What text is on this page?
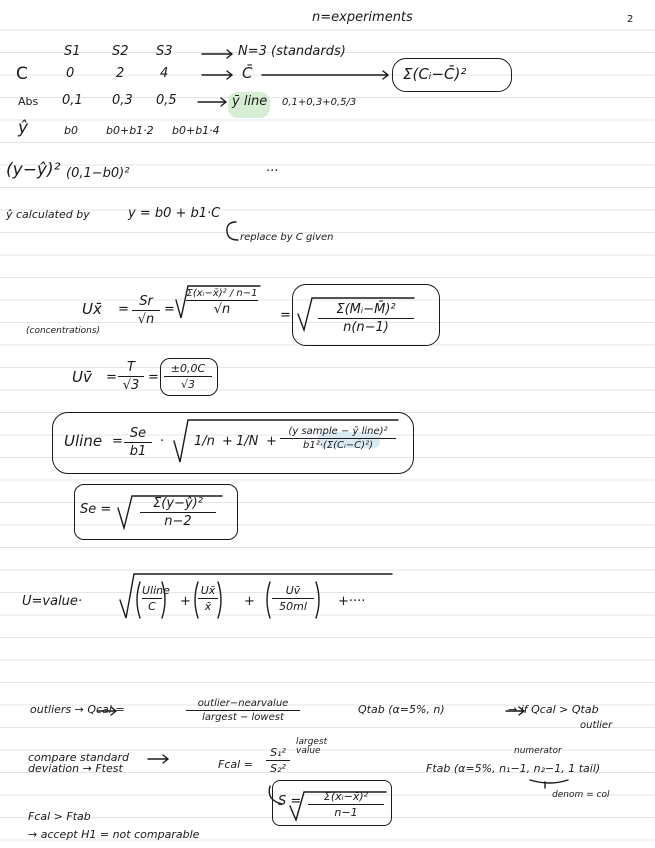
n=experiments	2
S1 S2 S3	N=3 (standards)
C	0	2	4	C̄	Σ(Cᵢ−C̄)²
Abs 0,1 0,3 0,5	ȳ line 0,1+0,3+0,5/3
ŷ	b0	b0+b1·2 b0+b1·4
(y−ŷ)² (0,1−b0)²	···
ŷ calculated by	y = b0 + b1·C
replace by C given
Ux̄
(concentrations)
=
Sr
√n
=
Σ(xᵢ−x̄)² / n−1
√n	=	Σ(Mᵢ−M̄)²
n(n−1)
Uv̄ =
T
√3
=
±0,0C
√3
Uline =
Se
b1
· 1/n + 1/N +
(y sample − ȳ line)²
b1²·(Σ(Cᵢ−C̄)²)
Se =	Σ(y−ŷ)²
n−2
U=value·
Uline
C	+
Ux̄
x̄	+
Uv̄
50ml	+····
outliers → Qcal =	outlier−nearvalue
largest − lowest
Qtab (α=5%, n)	→ if Qcal > Qtab
outlier
compare standard deviation → Ftest	Fcal =
S₁²
S₂²
largest value	numerator
Ftab (α=5%, n₁−1, n₂−1, 1 tail)
denom = col
S =	Σ(xᵢ−x̄)²
n−1
Fcal > Ftab
→ accept H1 = not comparable
